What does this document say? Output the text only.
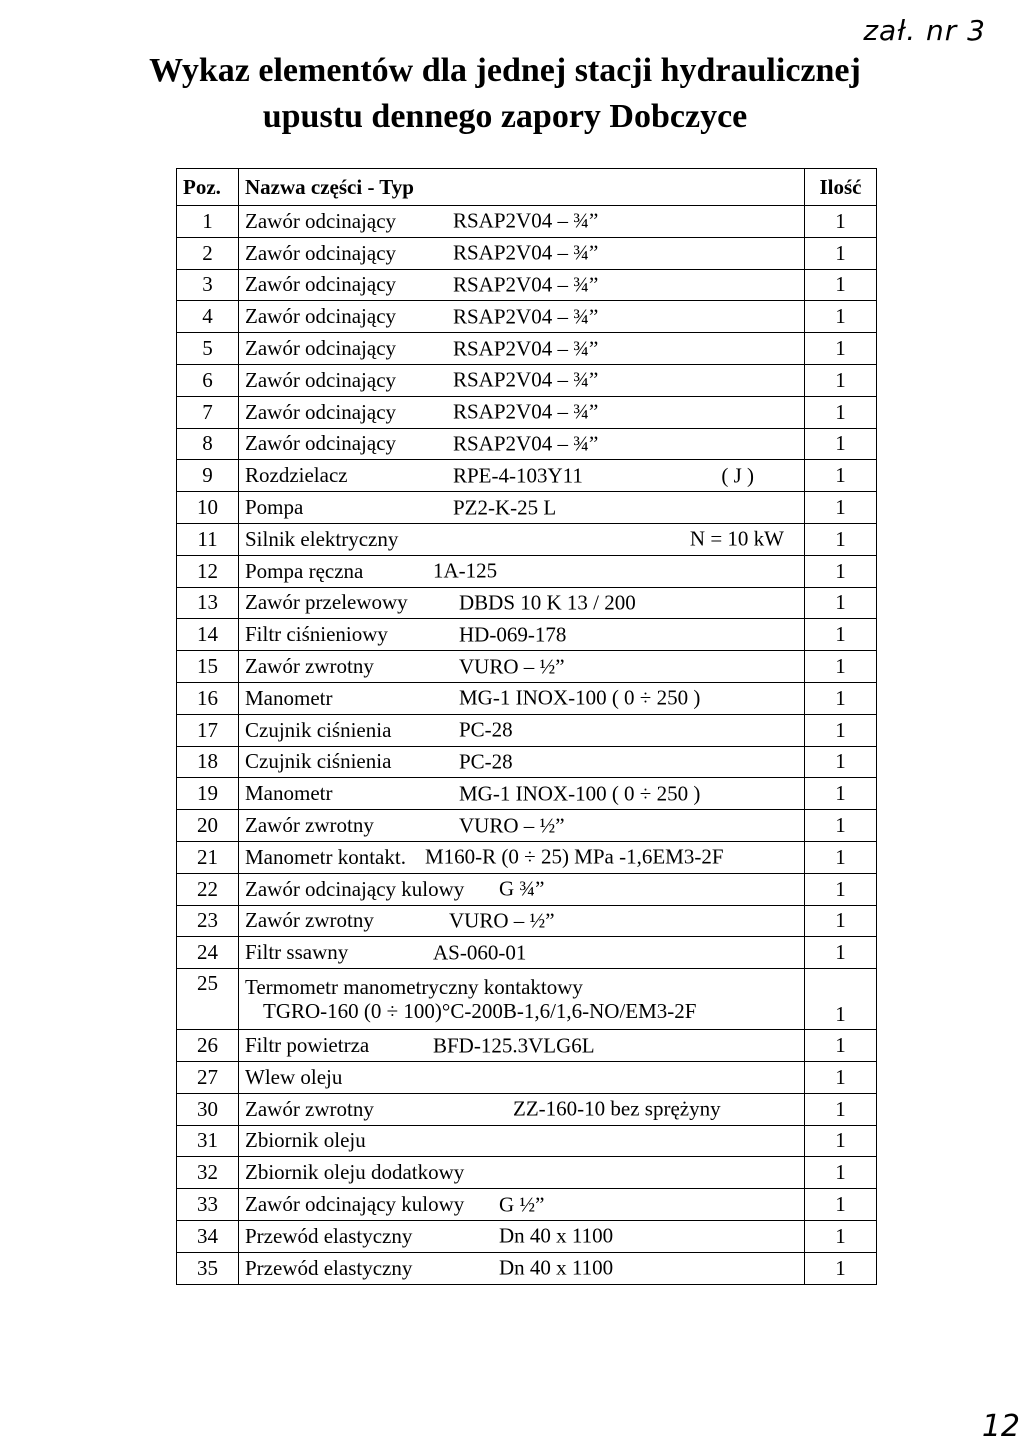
zał. nr 3
Wykaz elementów dla jednej stacji hydraulicznej
upustu dennego zapory Dobczyce
Poz.	Nazwa części - Typ	Ilość
1	Zawór odcinający RSAP2V04 – ¾”	1
2	Zawór odcinający RSAP2V04 – ¾”	1
3	Zawór odcinający RSAP2V04 – ¾”	1
4	Zawór odcinający RSAP2V04 – ¾”	1
5	Zawór odcinający RSAP2V04 – ¾”	1
6	Zawór odcinający RSAP2V04 – ¾”	1
7	Zawór odcinający RSAP2V04 – ¾”	1
8	Zawór odcinający RSAP2V04 – ¾”	1
9	Rozdzielacz RPE-4-103Y11 ( J )	1
10	Pompa PZ2-K-25 L	1
11	Silnik elektryczny N = 10 kW	1
12	Pompa ręczna 1A-125	1
13	Zawór przelewowy DBDS 10 K 13 / 200	1
14	Filtr ciśnieniowy HD-069-178	1
15	Zawór zwrotny VURO – ½”	1
16	Manometr MG-1 INOX-100 ( 0 ÷ 250 )	1
17	Czujnik ciśnienia PC-28	1
18	Czujnik ciśnienia PC-28	1
19	Manometr MG-1 INOX-100 ( 0 ÷ 250 )	1
20	Zawór zwrotny VURO – ½”	1
21	Manometr kontakt. M160-R (0 ÷ 25) MPa -1,6EM3-2F	1
22	Zawór odcinający kulowy G ¾”	1
23	Zawór zwrotny VURO – ½”	1
24	Filtr ssawny AS-060-01	1
25	Termometr manometryczny kontaktowy
TGRO-160 (0 ÷ 100)°C-200B-1,6/1,6-NO/EM3-2F	1
26	Filtr powietrza BFD-125.3VLG6L	1
27	Wlew oleju	1
30	Zawór zwrotny ZZ-160-10 bez sprężyny	1
31	Zbiornik oleju	1
32	Zbiornik oleju dodatkowy	1
33	Zawór odcinający kulowy G ½”	1
34	Przewód elastyczny Dn 40 x 1100	1
35	Przewód elastyczny Dn 40 x 1100	1
12
